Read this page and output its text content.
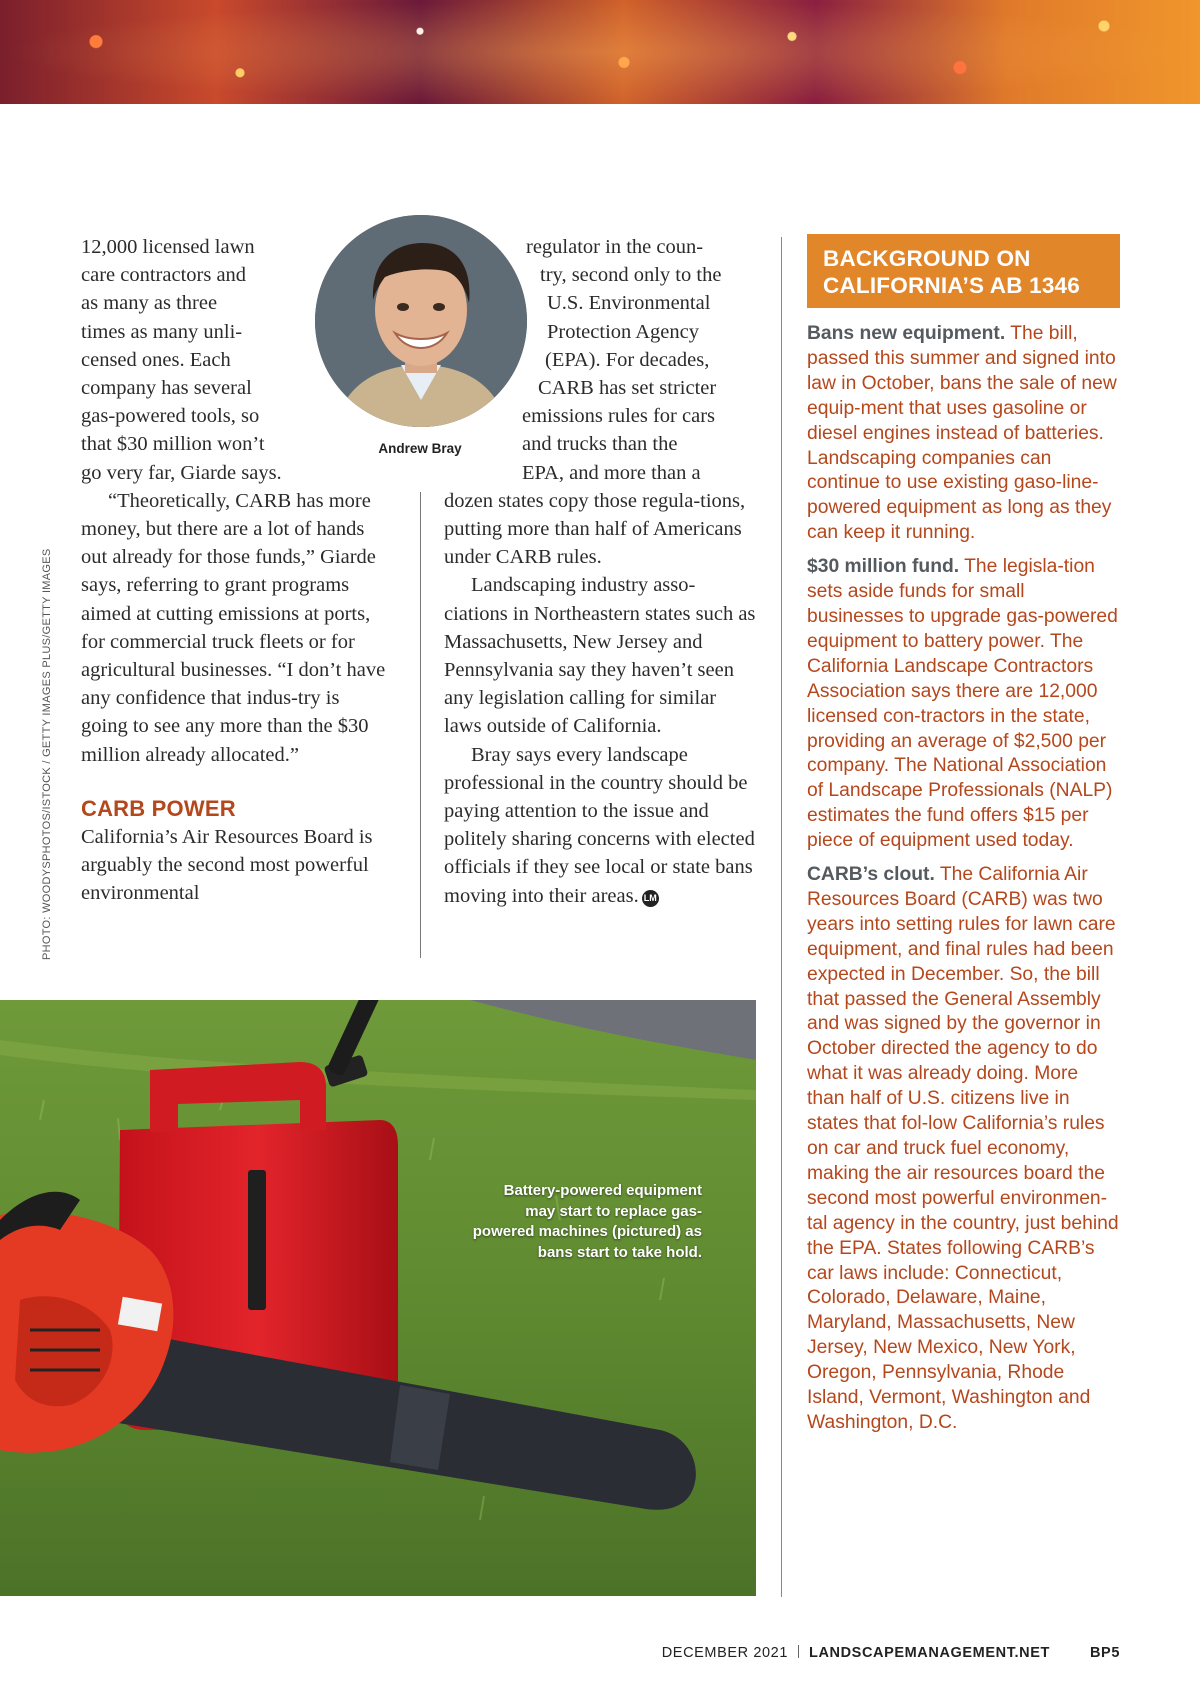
PHOTO: WOODYSPHOTOS/ISTOCK / GETTY IMAGES PLUS/GETTY IMAGES
Andrew Bray

12,000 licensed lawn
care contractors and
as many as three
times as many unli-
censed ones. Each
company has several
gas-powered tools, so
that $30 million won’t
go very far, Giarde says.

“Theoretically, CARB has more money, but there are a lot of hands out already for those funds,” Giarde says, referring to grant programs aimed at cutting emissions at ports, for commercial truck fleets or for agricultural businesses. “I don’t have any confidence that indus-try is going to see any more than the $30 million already allocated.”

CARB POWER

California’s Air Resources Board is arguably the second most powerful environmental

regulator in the coun-
try, second only to the
U.S. Environmental
Protection Agency
(EPA). For decades,
CARB has set stricter
emissions rules for cars
and trucks than the
EPA, and more than a
dozen states copy those regula-tions, putting more than half of Americans under CARB rules.

Landscaping industry asso-ciations in Northeastern states such as Massachusetts, New Jersey and Pennsylvania say they haven’t seen any legislation calling for similar laws outside of California.

Bray says every landscape professional in the country should be paying attention to the issue and politely sharing concerns with elected officials if they see local or state bans moving into their areas. LM

Battery-powered equipment may start to replace gas-powered machines (pictured) as bans start to take hold.
BACKGROUND ON CALIFORNIA’S AB 1346

Bans new equipment. The bill, passed this summer and signed into law in October, bans the sale of new equip-ment that uses gasoline or diesel engines instead of batteries. Landscaping companies can continue to use existing gaso-line-powered equipment as long as they can keep it running.

$30 million fund. The legisla-tion sets aside funds for small businesses to upgrade gas-powered equipment to battery power. The California Landscape Contractors Association says there are 12,000 licensed con-tractors in the state, providing an average of $2,500 per company. The National Association of Landscape Professionals (NALP) estimates the fund offers $15 per piece of equipment used today.

CARB’s clout. The California Air Resources Board (CARB) was two years into setting rules for lawn care equipment, and final rules had been expected in December. So, the bill that passed the General Assembly and was signed by the governor in October directed the agency to do what it was already doing. More than half of U.S. citizens live in states that fol-low California’s rules on car and truck fuel economy, making the air resources board the second most powerful environmen-tal agency in the country, just behind the EPA. States following CARB’s car laws include: Connecticut, Colorado, Delaware, Maine, Maryland, Massachusetts, New Jersey, New Mexico, New York, Oregon, Pennsylvania, Rhode Island, Vermont, Washington and Washington, D.C.

DECEMBER 2021 LANDSCAPEMANAGEMENT.NET	BP5
